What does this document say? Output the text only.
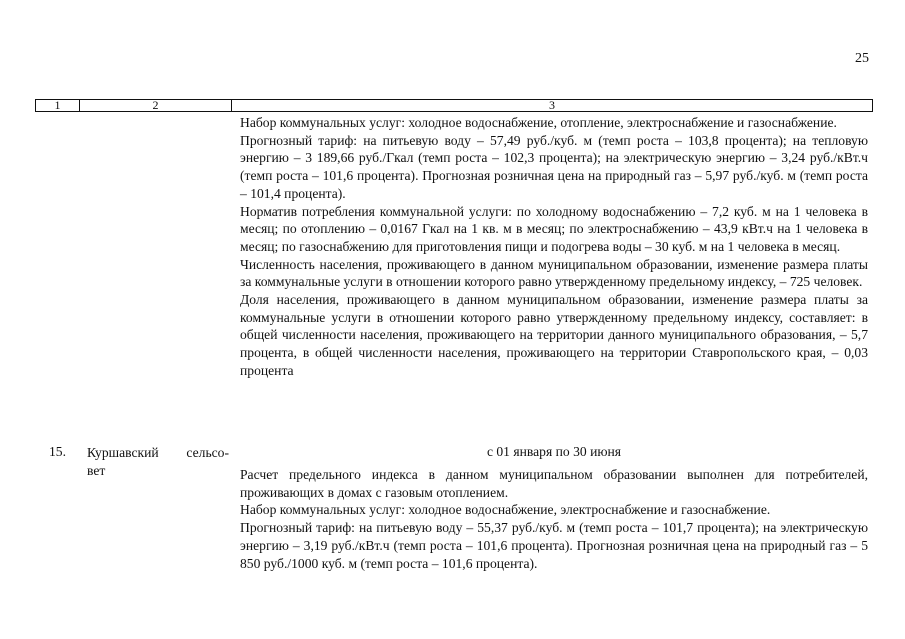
25
1	2	3

Набор коммунальных услуг: холодное водоснабжение, отопление, электроснабжение и газоснабжение.

Прогнозный тариф: на питьевую воду – 57,49 руб./куб. м (темп роста – 103,8 процента); на тепловую энергию – 3 189,66 руб./Гкал (темп роста – 102,3 процента); на электрическую энергию – 3,24 руб./кВт.ч (темп роста – 101,6 процента). Прогнозная розничная цена на природный газ – 5,97 руб./куб. м (темп роста – 101,4 процента).

Норматив потребления коммунальной услуги: по холодному водоснабжению – 7,2 куб. м на 1 человека в месяц; по отоплению – 0,0167 Гкал на 1 кв. м в месяц; по электроснабжению – 43,9 кВт.ч на 1 человека в месяц; по газоснабжению для приготовления пищи и подогрева воды – 30 куб. м на 1 человека в месяц.

Численность населения, проживающего в данном муниципальном образовании, изменение размера платы за коммунальные услуги в отношении которого равно утвержденному предельному индексу, – 725 человек.

Доля населения, проживающего в данном муниципальном образовании, изменение размера платы за коммунальные услуги в отношении которого равно утвержденному предельному индексу, составляет: в общей численности населения, проживающего на территории данного муниципального образования, – 5,7 процента, в общей численности населения, проживающего на территории Ставропольского края, – 0,03 процента

15. Куршавский сельсо-
вет
с 01 января по 30 июня

Расчет предельного индекса в данном муниципальном образовании выполнен для потребителей, проживающих в домах с газовым отоплением.

Набор коммунальных услуг: холодное водоснабжение, электроснабжение и газоснабжение.

Прогнозный тариф: на питьевую воду – 55,37 руб./куб. м (темп роста – 101,7 процента); на электрическую энергию – 3,19 руб./кВт.ч (темп роста – 101,6 процента). Прогнозная розничная цена на природный газ – 5 850 руб./1000 куб. м (темп роста – 101,6 процента).
